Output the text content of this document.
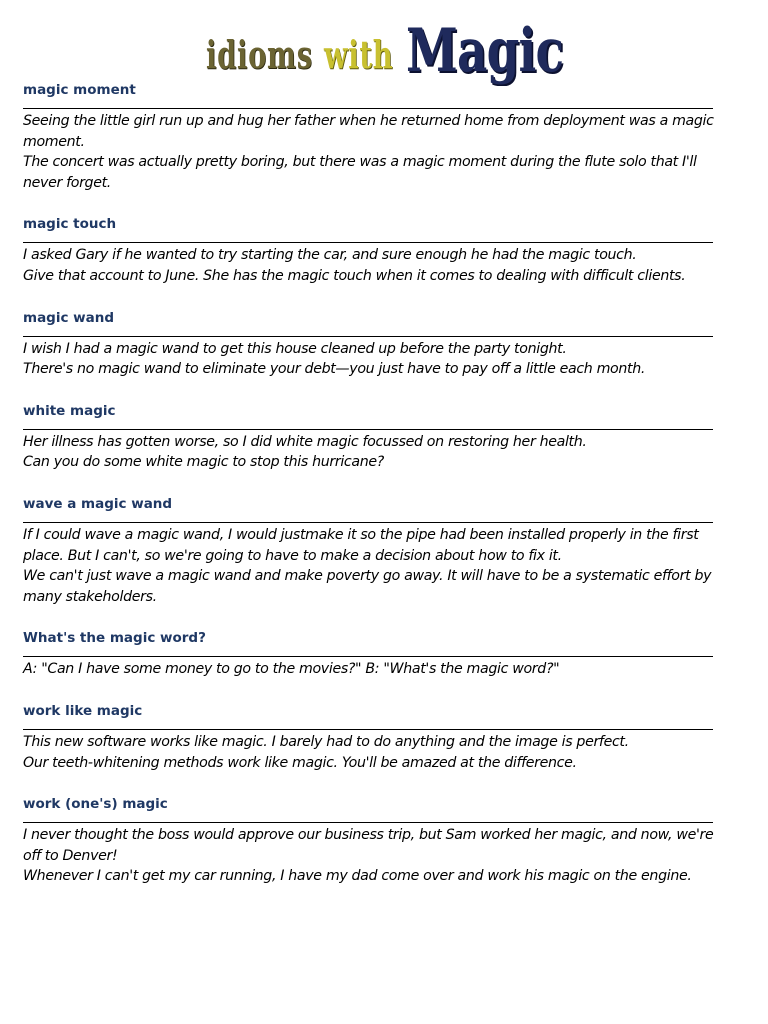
idioms with Magic
magic moment
Seeing the little girl run up and hug her father when he returned home from deployment was a magic moment.
The concert was actually pretty boring, but there was a magic moment during the flute solo that I'll never forget.
magic touch
I asked Gary if he wanted to try starting the car, and sure enough he had the magic touch.
Give that account to June. She has the magic touch when it comes to dealing with difficult clients.
magic wand
I wish I had a magic wand to get this house cleaned up before the party tonight.
There's no magic wand to eliminate your debt—you just have to pay off a little each month.
white magic
Her illness has gotten worse, so I did white magic focussed on restoring her health.
Can you do some white magic to stop this hurricane?
wave a magic wand
If I could wave a magic wand, I would justmake it so the pipe had been installed properly in the first place. But I can't, so we're going to have to make a decision about how to fix it.
We can't just wave a magic wand and make poverty go away. It will have to be a systematic effort by many stakeholders.
What's the magic word?
A: "Can I have some money to go to the movies?" B: "What's the magic word?"
work like magic
This new software works like magic. I barely had to do anything and the image is perfect.
Our teeth-whitening methods work like magic. You'll be amazed at the difference.
work (one's) magic
I never thought the boss would approve our business trip, but Sam worked her magic, and now, we're off to Denver!
Whenever I can't get my car running, I have my dad come over and work his magic on the engine.
